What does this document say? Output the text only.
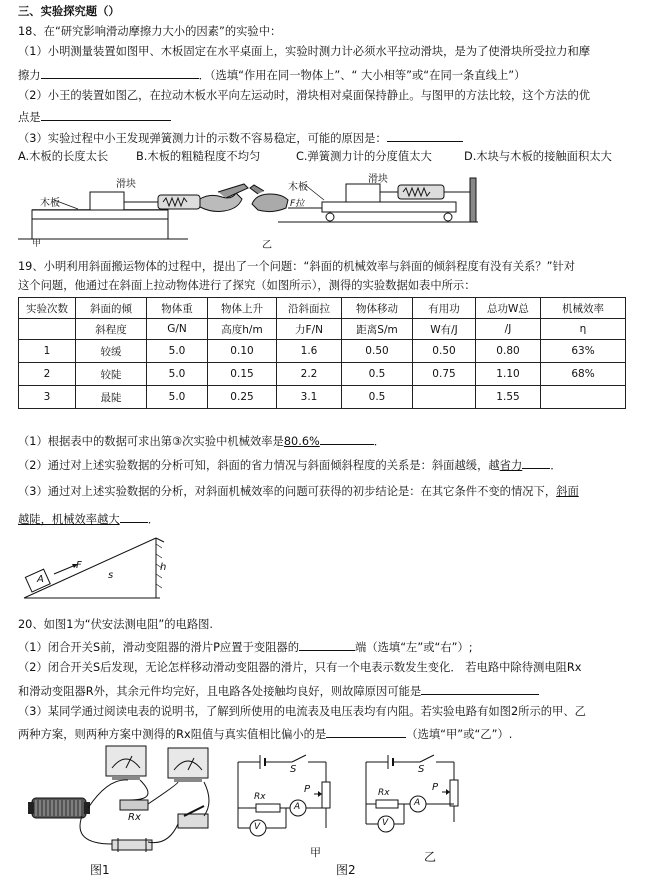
三、实验探究题（）
18、在“研究影响滑动摩擦力大小的因素”的实验中：
（1）小明测量装置如图甲、木板固定在水平桌面上，实验时测力计必须水平拉动滑块，是为了使滑块所受拉力和摩
擦力	．（选填“作用在同一物体上”、“ 大小相等”或“在同一条直线上”）
（2）小王的装置如图乙，在拉动木板水平向左运动时，滑块相对桌面保持静止。与图甲的方法比较，这个方法的优
点是
（3）实验过程中小王发现弹簧测力计的示数不容易稳定，可能的原因是：
A.木板的长度太长 B.木板的粗糙程度不均匀	C.弹簧测力计的分度值太大	D.木块与木板的接触面积太大
木板
滑块
甲
木板
滑块
F拉
乙
19、小明利用斜面搬运物体的过程中，提出了一个问题：“斜面的机械效率与斜面的倾斜程度有没有关系？”针对
这个问题，他通过在斜面上拉动物体进行了探究（如图所示），测得的实验数据如表中所示：
实验次数	斜面的倾	物体重	物体上升	沿斜面拉	物体移动	有用功	总功W总	机械效率
	斜程度	G/N	高度h/m	力F/N	距离S/m	W有/J	/J	η
1	较缓	5.0	0.10	1.6	0.50	0.50	0.80	63%
2	较陡	5.0	0.15	2.2	0.5	0.75	1.10	68%
3	最陡	5.0	0.25	3.1	0.5		1.55	
（1）根据表中的数据可求出第③次实验中机械效率是80.6%	．
（2）通过对上述实验数据的分析可知，斜面的省力情况与斜面倾斜程度的关系是：斜面越缓，越省力 ．
（3）通过对上述实验数据的分析，对斜面机械效率的问题可获得的初步结论是：在其它条件不变的情况下，斜面
越陡，机械效率越大 ．
A
F
s
h
20、如图1为“伏安法测电阻”的电路图.
（1）闭合开关S前，滑动变阻器的滑片P应置于变阻器的	端（选填“左”或“右”）;
（2）闭合开关S后发现，无论怎样移动滑动变阻器的滑片，只有一个电表示数发生变化． 若电路中除待测电阻Rx
和滑动变阻器R外，其余元件均完好，且电路各处接触均良好，则故障原因可能是
（3）某同学通过阅读电表的说明书，了解到所使用的电流表及电压表均有内阻。若实验电路有如图2所示的甲、乙
两种方案，则两种方案中测得的Rx阻值与真实值相比偏小的是	（选填“甲”或“乙”）.
Rx
图1
S
P
Rx
A
V
甲
S
P
Rx
A
V
乙
图2
